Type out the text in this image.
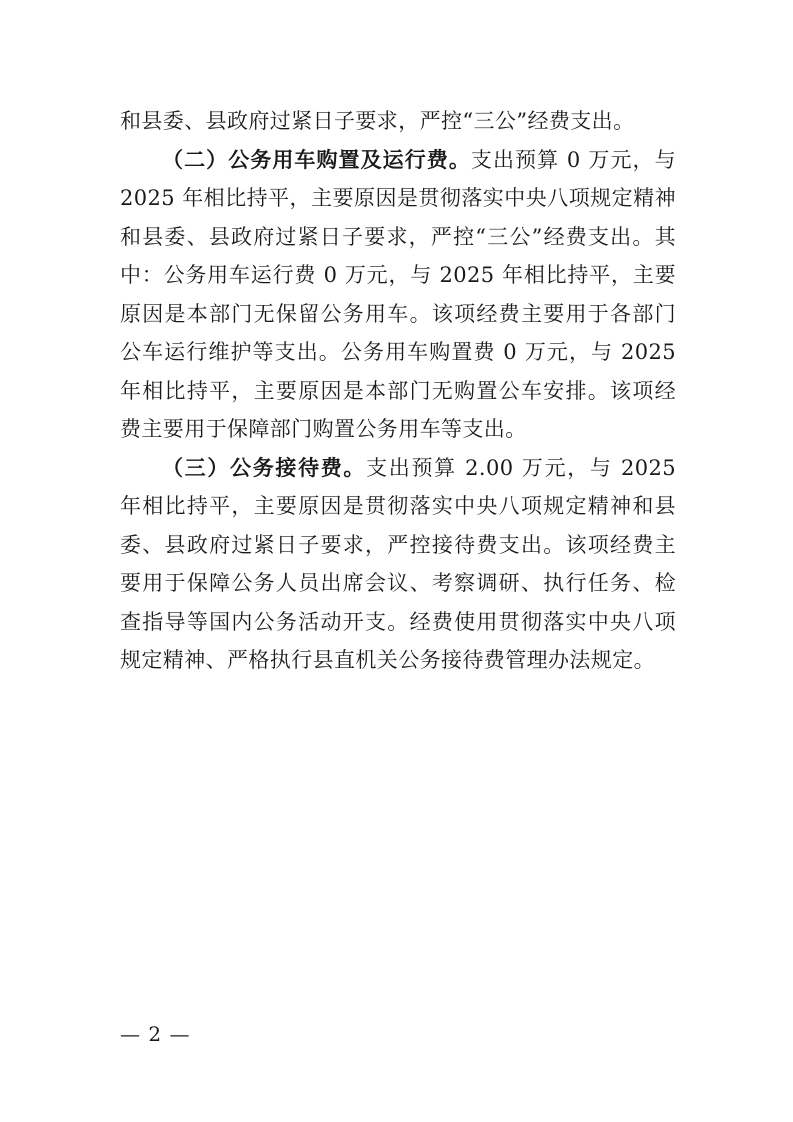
和县委、县政府过紧日子要求，严控“三公”经费支出。

（二）公务用车购置及运行费。支出预算 0 万元，与 2025 年相比持平，主要原因是贯彻落实中央八项规定精神和县委、县政府过紧日子要求，严控“三公”经费支出。其中：公务用车运行费 0 万元，与 2025 年相比持平，主要原因是本部门无保留公务用车。该项经费主要用于各部门公车运行维护等支出。公务用车购置费 0 万元，与 2025 年相比持平，主要原因是本部门无购置公车安排。该项经费主要用于保障部门购置公务用车等支出。

（三）公务接待费。支出预算 2.00 万元，与 2025 年相比持平，主要原因是贯彻落实中央八项规定精神和县委、县政府过紧日子要求，严控接待费支出。该项经费主要用于保障公务人员出席会议、考察调研、执行任务、检查指导等国内公务活动开支。经费使用贯彻落实中央八项规定精神、严格执行县直机关公务接待费管理办法规定。

— 2 —
